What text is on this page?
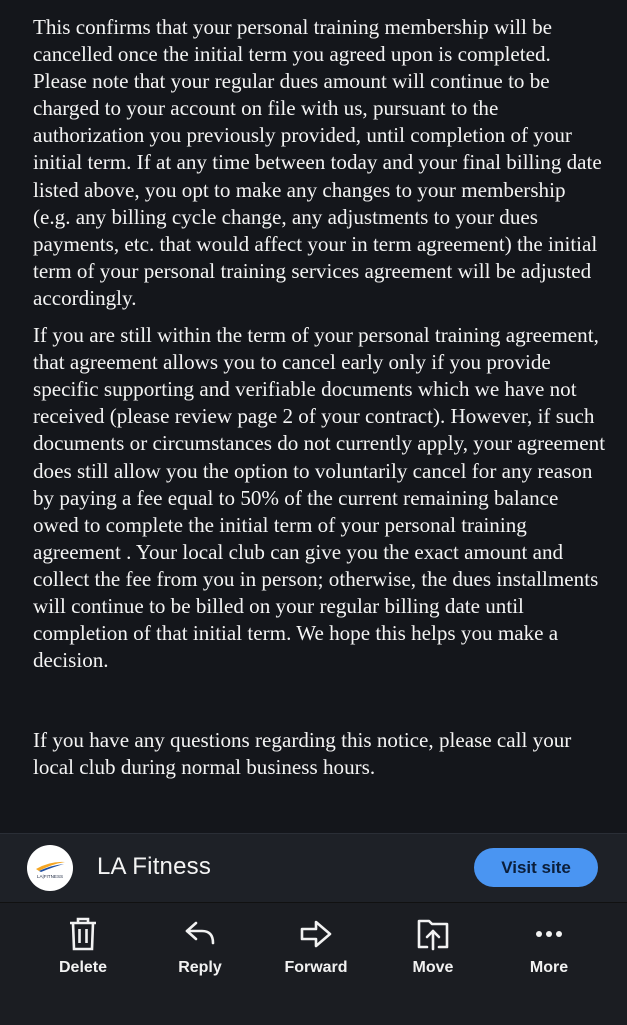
This confirms that your personal training membership will be cancelled once the initial term you agreed upon is completed. Please note that your regular dues amount will continue to be charged to your account on file with us, pursuant to the authorization you previously provided, until completion of your initial term. If at any time between today and your final billing date listed above, you opt to make any changes to your membership (e.g. any billing cycle change, any adjustments to your dues payments, etc. that would affect your in term agreement) the initial term of your personal training services agreement will be adjusted accordingly.

If you are still within the term of your personal training agreement, that agreement allows you to cancel early only if you provide specific supporting and verifiable documents which we have not received (please review page 2 of your contract). However, if such documents or circumstances do not currently apply, your agreement does still allow you the option to voluntarily cancel for any reason by paying a fee equal to 50% of the current remaining balance owed to complete the initial term of your personal training agreement . Your local club can give you the exact amount and collect the fee from you in person; otherwise, the dues installments will continue to be billed on your regular billing date until completion of that initial term. We hope this helps you make a decision.

If you have any questions regarding this notice, please call your local club during normal business hours.

LA|FITNESS LA Fitness	Visit site
Delete	Reply	Forward	Move	More
